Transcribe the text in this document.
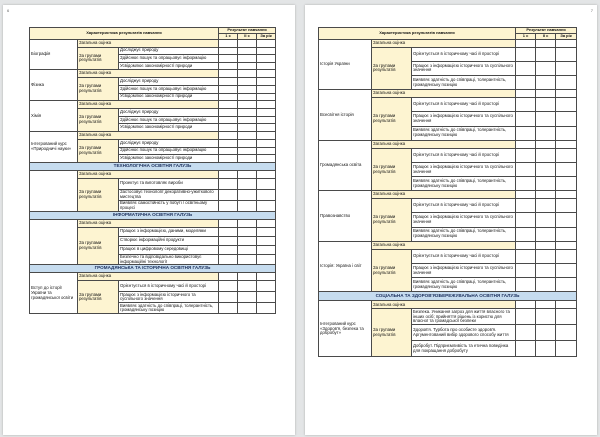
6
Характеристика результатів навчання			Результат навчання		
			1 с	II с	За рік
Біографія	Загальна оцінка				
	За групами результатів	Досліджує природу			
		Здійснює пошук та опрацьовує інформацію			
		Усвідомлює закономірності природи			
Фізика	Загальна оцінка				
	За групами результатів	Досліджує природу			
		Здійснює пошук та опрацьовує інформацію			
		Усвідомлює закономірності природи			
Хімія	Загальна оцінка				
	За групами результатів	Досліджує природу			
		Здійснює пошук та опрацьовує інформацію			
		Усвідомлює закономірності природи			
Інтегрований курс «Природничі науки»	Загальна оцінка				
	За групами результатів	Досліджує природу			
		Здійснює пошук та опрацьовує інформацію			
		Усвідомлює закономірності природи			
ТЕХНОЛОГІЧНА ОСВІТНЯ ГАЛУЗЬ					
	Загальна оцінка				
	За групами результатів	Проектує та виготовляє вироби			
		Застосовує технології декоративно-ужиткового мистецтва			
		Виявляє самостійність у побуті / освітньому процесі			
ІНФОРМАТИЧНА ОСВІТНЯ ГАЛУЗЬ					
	Загальна оцінка				
	За групами результатів	Працює з інформацією, даними, моделями			
		Створює інформаційні продукти			
		Працює в цифровому середовищі			
		Безпечно та відповідально використовує інформаційні технології			
ГРОМАДЯНСЬКА ТА ІСТОРИЧНА ОСВІТНЯ ГАЛУЗЬ					
Вступ до історії України та громадянської освіти	Загальна оцінка				
	За групами результатів	Орієнтується в історичному часі й просторі			
		Працює з інформацією історичного та суспільного значення			
		Виявляє здатність до співпраці, толерантність, громадянську позицію			
7
Характеристика результатів навчання			Результат навчання		
			1 с	II с	За рік
Історія України	Загальна оцінка				
	За групами результатів	Орієнтується в історичному часі й просторі			
		Працює з інформацією історичного та суспільного значення			
		Виявляє здатність до співпраці, толерантність, громадянську позицію			
Всесвітня історія	Загальна оцінка				
	За групами результатів	Орієнтується в історичному часі й просторі			
		Працює з інформацією історичного та суспільного значення			
		Виявляє здатність до співпраці, толерантність, громадянську позицію			
Громадянська освіта	Загальна оцінка				
	За групами результатів	Орієнтується в історичному часі й просторі			
		Працює з інформацією історичного та суспільного значення			
		Виявляє здатність до співпраці, толерантність, громадянську позицію			
Правознавство	Загальна оцінка				
	За групами результатів	Орієнтується в історичному часі й просторі			
		Працює з інформацією історичного та суспільного значення			
		Виявляє здатність до співпраці, толерантність, громадянську позицію			
Історія: Україна і світ	Загальна оцінка				
	За групами результатів	Орієнтується в історичному часі й просторі			
		Працює з інформацією історичного та суспільного значення			
		Виявляє здатність до співпраці, толерантність, громадянську позицію			
СОЦІАЛЬНА ТА ЗДОРОВ'ЯЗБЕРЕЖУВАЛЬНА ОСВІТНЯ ГАЛУЗЬ					
Інтегрований курс «Здоров'я, безпека та добробут»	Загальна оцінка				
	За групами результатів	Безпека. Уникання загроз для життя власного та інших осіб; прийняття рішень із користю для власної та громадської безпеки			
		Здоров'я. Турбота про особисте здоров'я. Аргументований вибір здорового способу життя			
		Добробут. Підприємливість та етична поведінка для покращання добробуту			
